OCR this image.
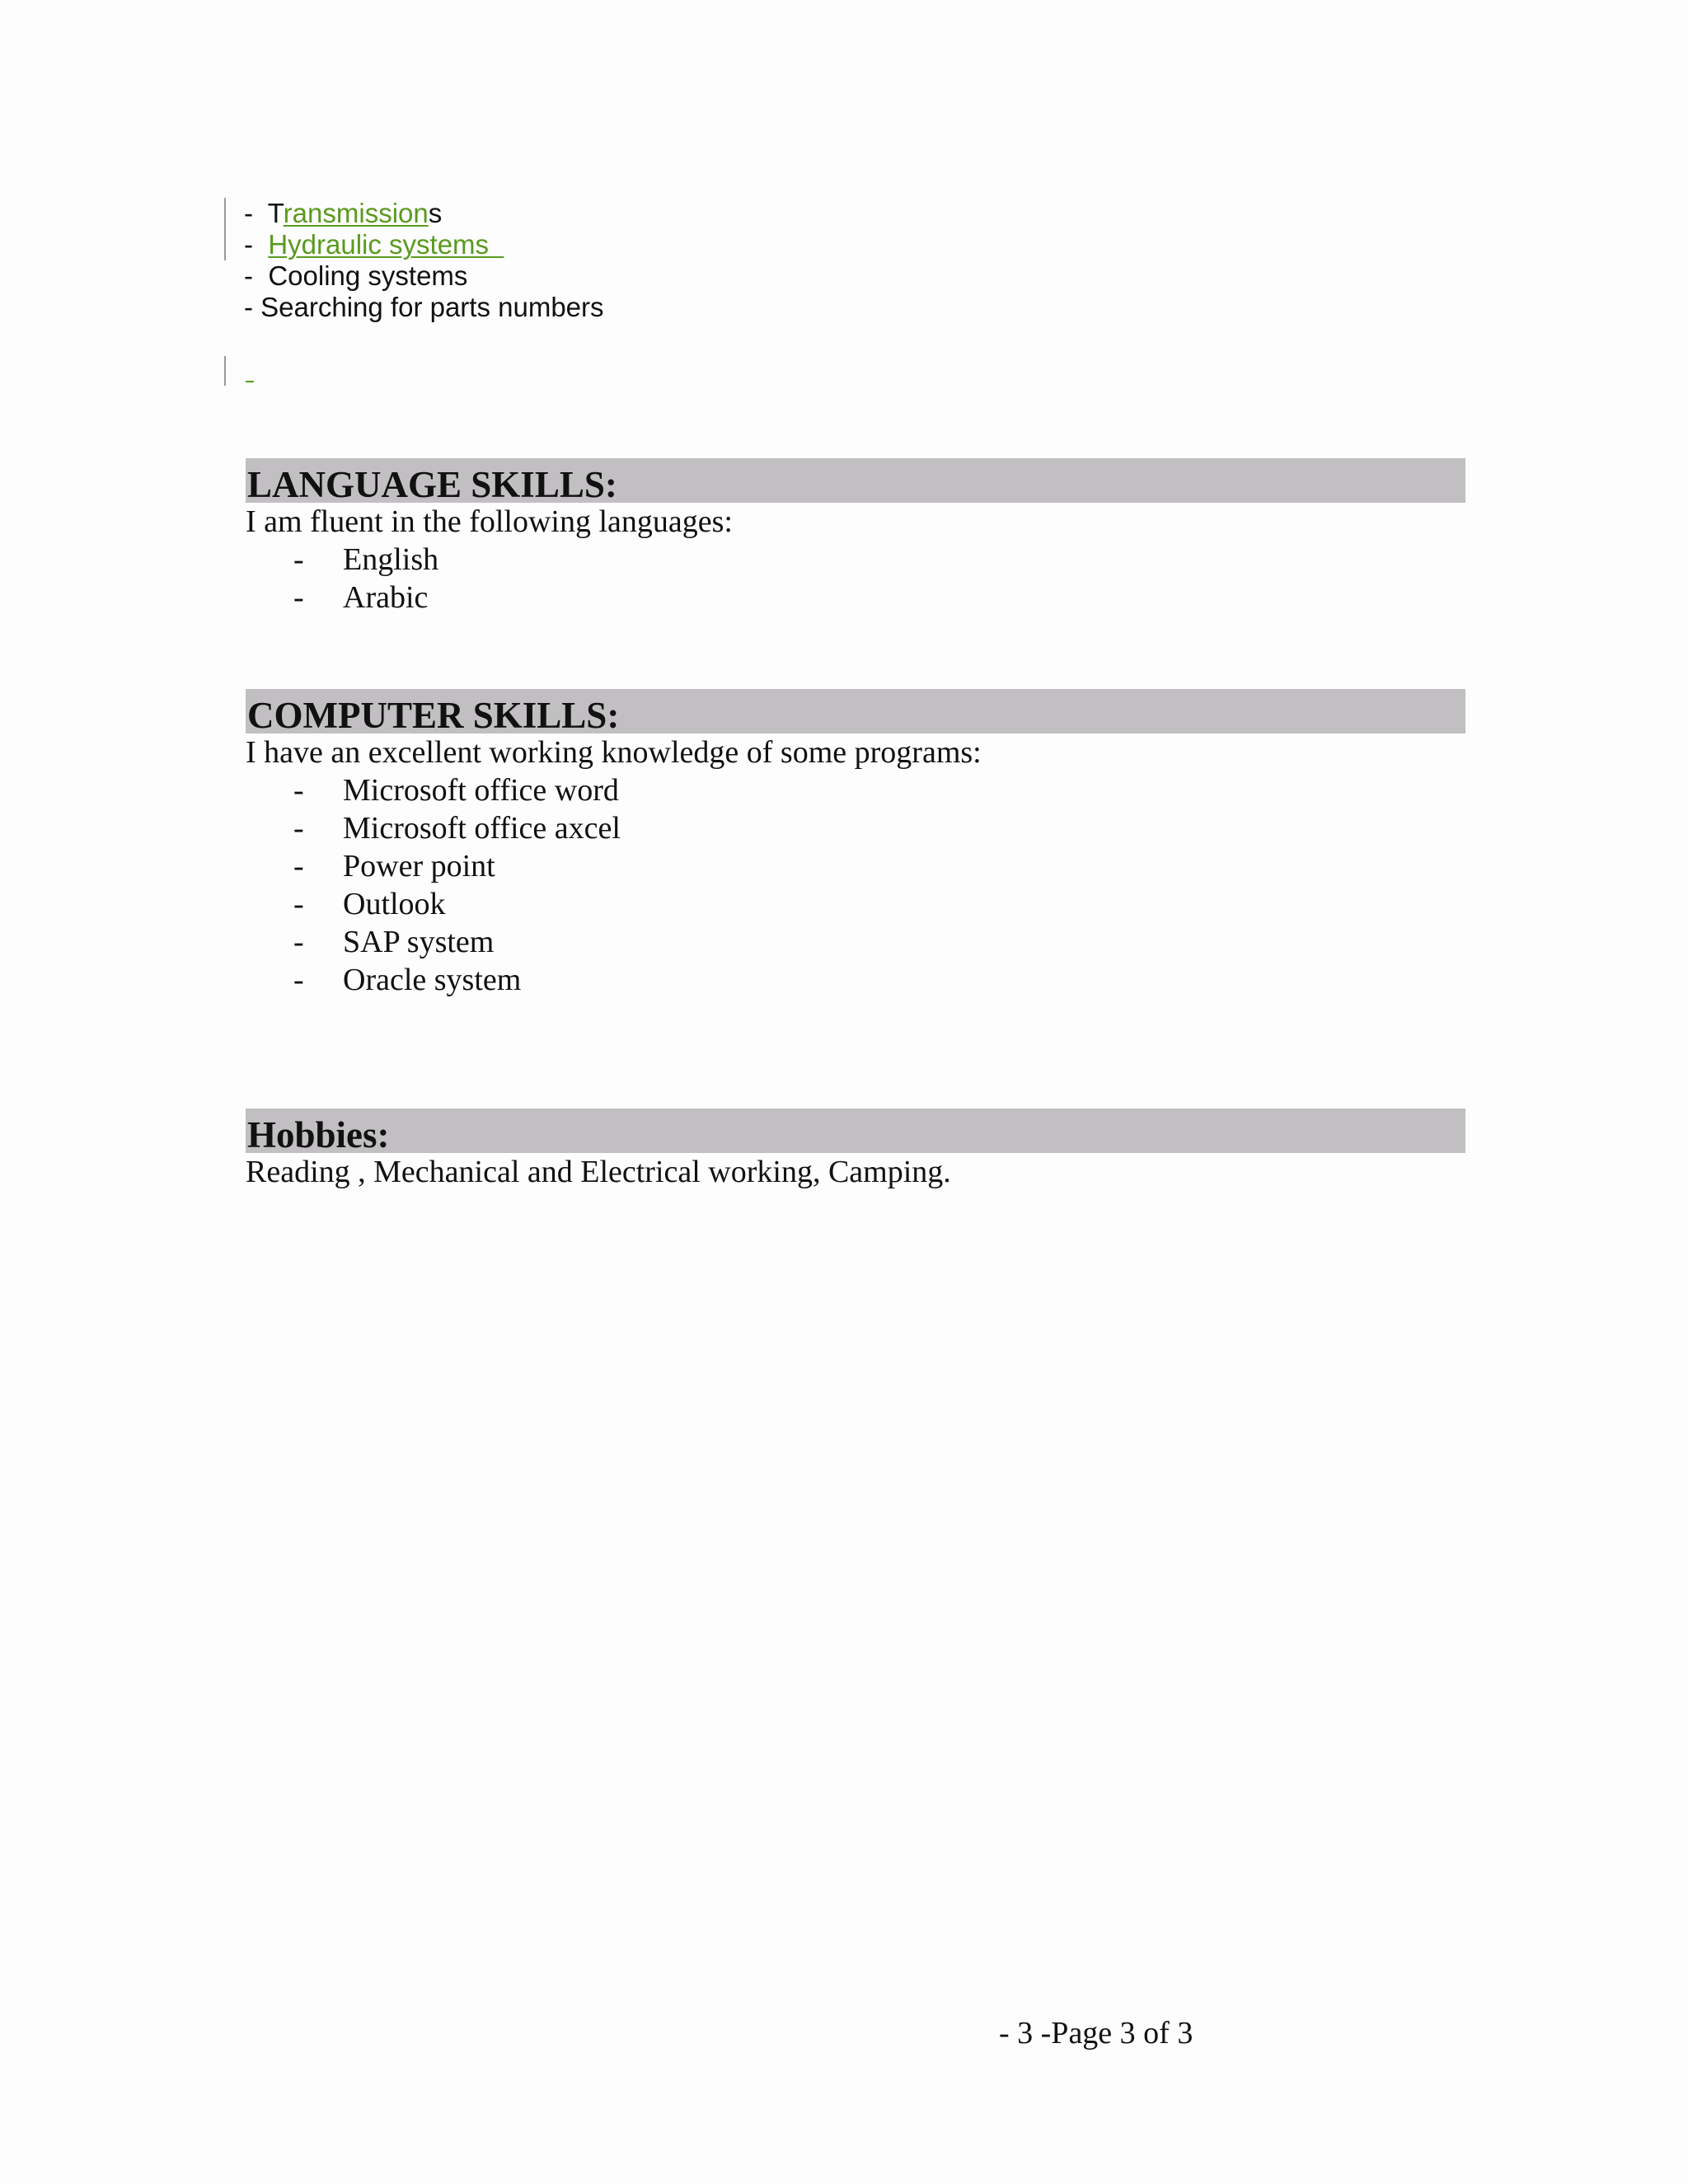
-  Transmissions
-  Hydraulic systems
-  Cooling systems
- Searching for parts numbers
LANGUAGE SKILLS:
I am fluent in the following languages:
- English
- Arabic
COMPUTER SKILLS:
I have an excellent working knowledge of some programs:
- Microsoft office word
- Microsoft office axcel
- Power point
- Outlook
- SAP system
- Oracle system
Hobbies:
Reading , Mechanical and Electrical working, Camping.
- 3 -Page 3 of 3
